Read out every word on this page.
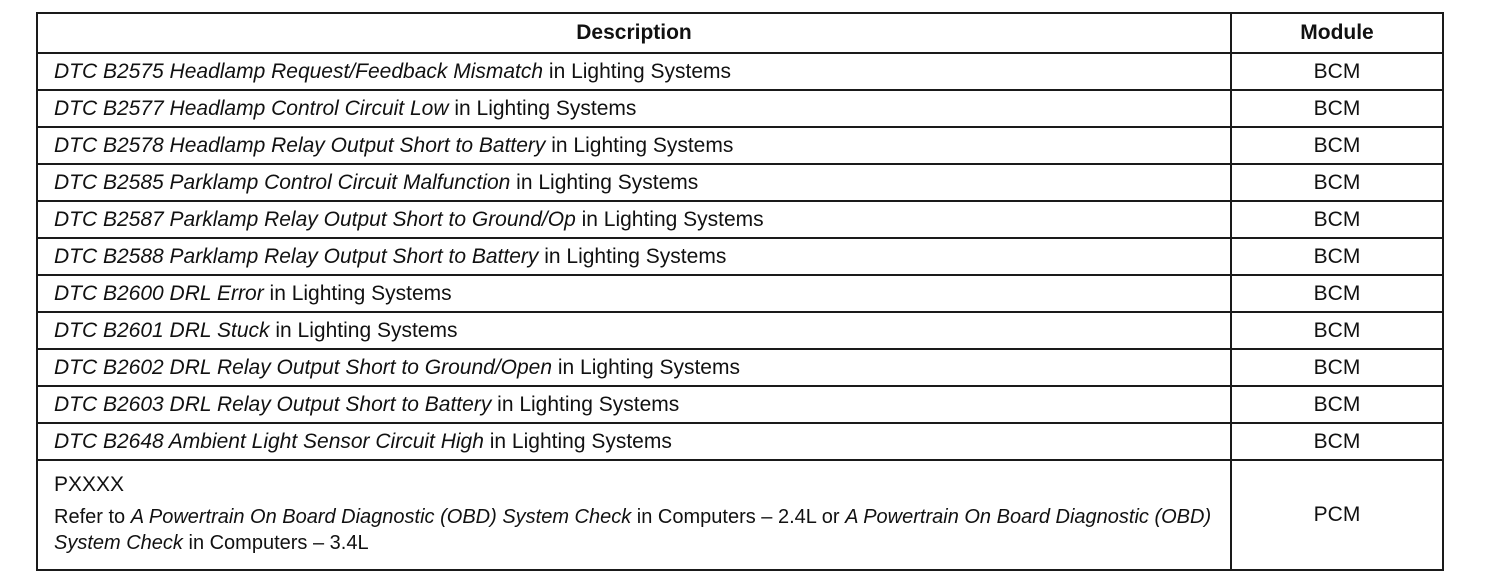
Description	Module
DTC B2575 Headlamp Request/Feedback Mismatch in Lighting Systems	BCM
DTC B2577 Headlamp Control Circuit Low in Lighting Systems	BCM
DTC B2578 Headlamp Relay Output Short to Battery in Lighting Systems	BCM
DTC B2585 Parklamp Control Circuit Malfunction in Lighting Systems	BCM
DTC B2587 Parklamp Relay Output Short to Ground/Op in Lighting Systems	BCM
DTC B2588 Parklamp Relay Output Short to Battery in Lighting Systems	BCM
DTC B2600 DRL Error in Lighting Systems	BCM
DTC B2601 DRL Stuck in Lighting Systems	BCM
DTC B2602 DRL Relay Output Short to Ground/Open in Lighting Systems	BCM
DTC B2603 DRL Relay Output Short to Battery in Lighting Systems	BCM
DTC B2648 Ambient Light Sensor Circuit High in Lighting Systems	BCM

PXXXX
Refer to A Powertrain On Board Diagnostic (OBD) System Check in Computers – 2.4L or A Powertrain On Board Diagnostic (OBD) System Check in Computers – 3.4L	PCM
